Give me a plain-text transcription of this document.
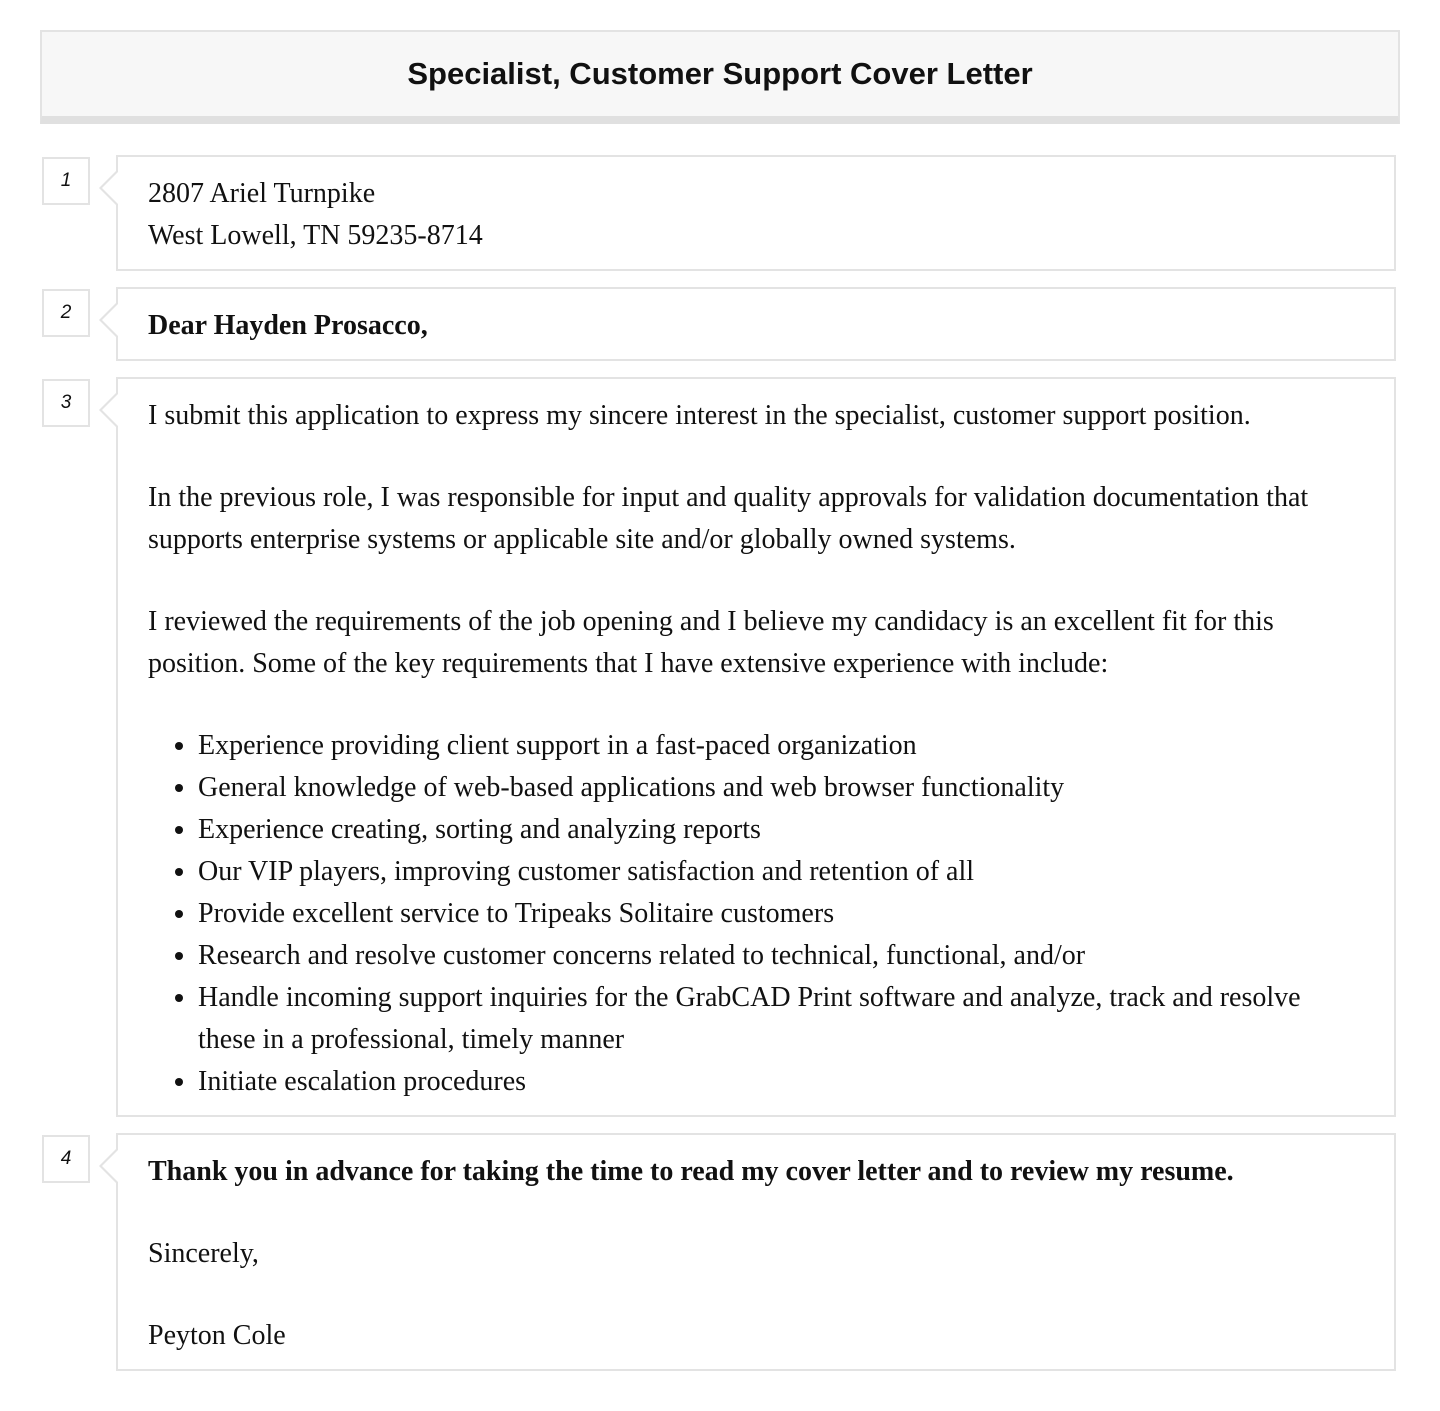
Specialist, Customer Support Cover Letter
1	2807 Ariel Turnpike
West Lowell, TN 59235-8714

2	Dear Hayden Prosacco,

3	I submit this application to express my sincere interest in the specialist, customer support position.

In the previous role, I was responsible for input and quality approvals for validation documentation that supports enterprise systems or applicable site and/or globally owned systems.

I reviewed the requirements of the job opening and I believe my candidacy is an excellent fit for this position. Some of the key requirements that I have extensive experience with include:

• Experience providing client support in a fast-paced organization
• General knowledge of web-based applications and web browser functionality
• Experience creating, sorting and analyzing reports
• Our VIP players, improving customer satisfaction and retention of all
• Provide excellent service to Tripeaks Solitaire customers
• Research and resolve customer concerns related to technical, functional, and/or
• Handle incoming support inquiries for the GrabCAD Print software and analyze, track and resolve these in a professional, timely manner
• Initiate escalation procedures
4	Thank you in advance for taking the time to read my cover letter and to review my resume.

Sincerely,

Peyton Cole
